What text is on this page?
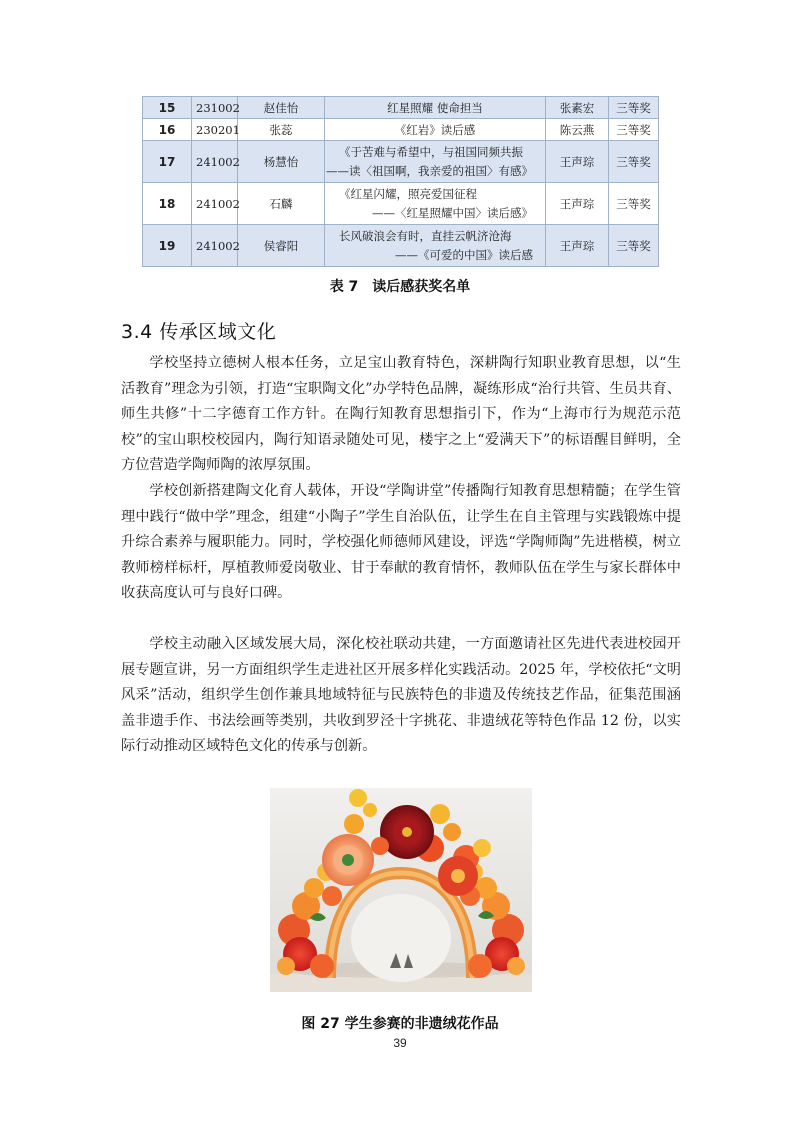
15	231002	赵佳怡	红星照耀 使命担当	张素宏	三等奖
16	230201	张蕊	《红岩》读后感	陈云燕	三等奖
17	241002	杨慧怡	《于苦难与希望中，与祖国同频共振
——读〈祖国啊，我亲爱的祖国〉有感》	王声琮	三等奖
18	241002	石麟	《红星闪耀，照亮爱国征程
——〈红星照耀中国〉读后感》	王声琮	三等奖
19	241002	侯睿阳	长风破浪会有时，直挂云帆济沧海
——《可爱的中国》读后感	王声琮	三等奖
表 7　读后感获奖名单
3.4 传承区域文化

学校坚持立德树人根本任务，立足宝山教育特色，深耕陶行知职业教育思想，以“生活教育”理念为引领，打造“宝职陶文化”办学特色品牌，凝练形成“治行共管、生员共育、师生共修”十二字德育工作方针。在陶行知教育思想指引下，作为“上海市行为规范示范校”的宝山职校校园内，陶行知语录随处可见，楼宇之上“爱满天下”的标语醒目鲜明，全方位营造学陶师陶的浓厚氛围。

学校创新搭建陶文化育人载体，开设“学陶讲堂”传播陶行知教育思想精髓；在学生管理中践行“做中学”理念，组建“小陶子”学生自治队伍，让学生在自主管理与实践锻炼中提升综合素养与履职能力。同时，学校强化师德师风建设，评选“学陶师陶”先进楷模，树立教师榜样标杆，厚植教师爱岗敬业、甘于奉献的教育情怀，教师队伍在学生与家长群体中收获高度认可与良好口碑。

学校主动融入区域发展大局，深化校社联动共建，一方面邀请社区先进代表进校园开展专题宣讲，另一方面组织学生走进社区开展多样化实践活动。2025 年，学校依托“文明风采”活动，组织学生创作兼具地域特征与民族特色的非遗及传统技艺作品，征集范围涵盖非遗手作、书法绘画等类别，共收到罗泾十字挑花、非遗绒花等特色作品 12 份，以实际行动推动区域特色文化的传承与创新。

图 27 学生参赛的非遗绒花作品
39
